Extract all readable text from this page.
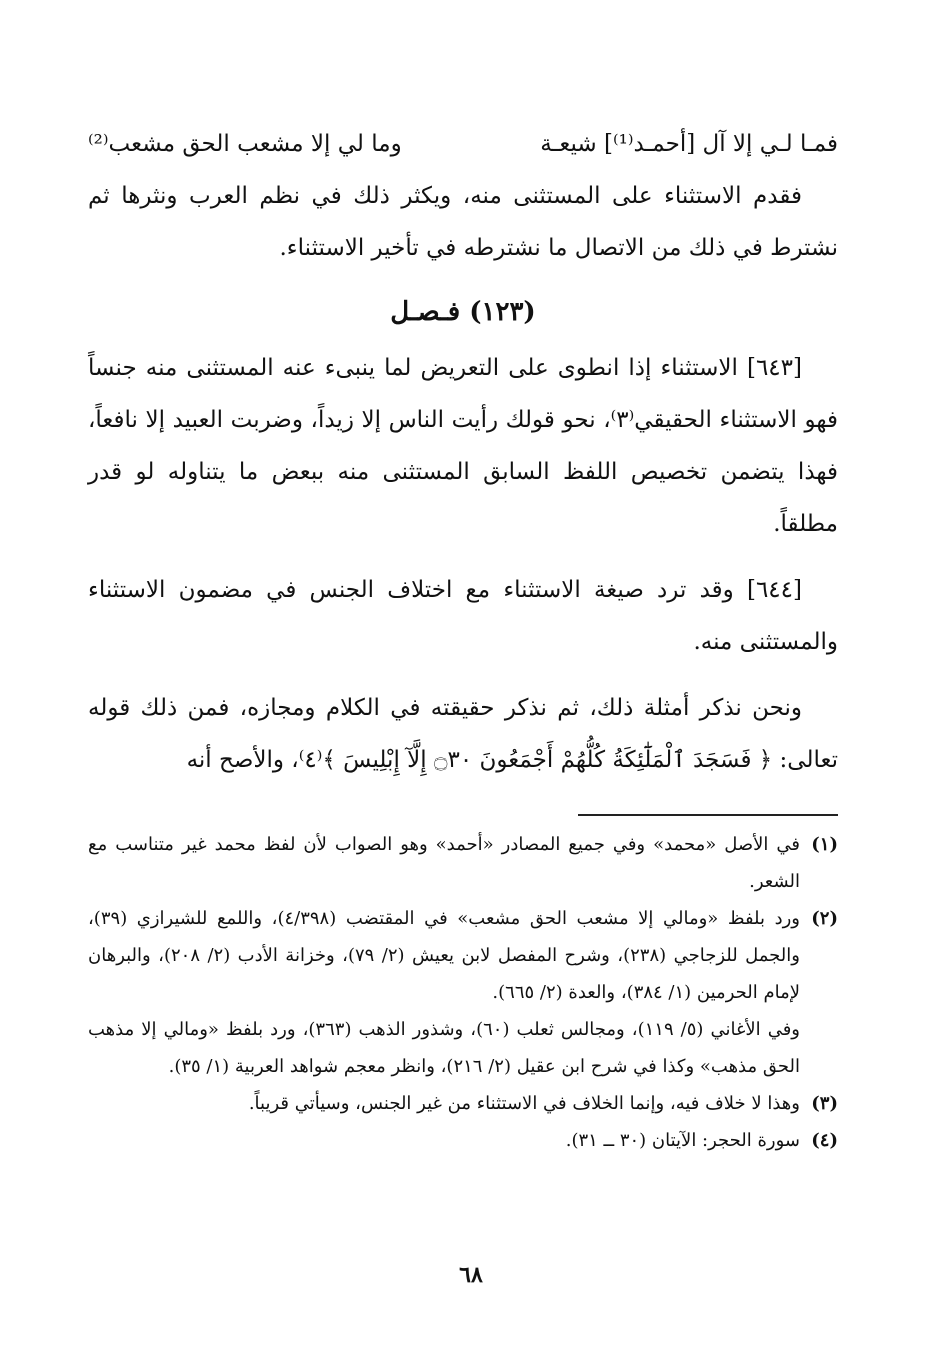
فمـا لـي إلا آل [أحمـد⁽¹⁾] شيعـة
وما لي إلا مشعب الحق مشعب⁽²⁾

فقدم الاستثناء على المستثنى منه، ويكثر ذلك في نظم العرب ونثرها ثم نشترط في ذلك من الاتصال ما نشترطه في تأخير الاستثناء.

(١٢٣) فـصـل

[٦٤٣] الاستثناء إذا انطوى على التعريض لما ينبىء عنه المستثنى منه جنساً فهو الاستثناء الحقيقي⁽٣⁾، نحو قولك رأيت الناس إلا زيداً، وضربت العبيد إلا نافعاً، فهذا يتضمن تخصيص اللفظ السابق المستثنى منه ببعض ما يتناوله لو قدر مطلقاً.

[٦٤٤] وقد ترد صيغة الاستثناء مع اختلاف الجنس في مضمون الاستثناء والمستثنى منه.

ونحن نذكر أمثلة ذلك، ثم نذكر حقيقته في الكلام ومجازه، فمن ذلك قوله تعالى: ﴿ فَسَجَدَ ٱلْمَلَٰٓئِكَةُ كُلُّهُمْ أَجْمَعُونَ ۝٣٠ إِلَّآ إِبْلِيسَ ﴾⁽٤⁾، والأصح أنه

(١)
في الأصل «محمد» وفي جميع المصادر «أحمد» وهو الصواب لأن لفظ محمد غير متناسب مع الشعر.
(٢)
ورد بلفظ «ومالي إلا مشعب الحق مشعب» في المقتضب (٤/٣٩٨)، واللمع للشيرازي (٣٩)، والجمل للزجاجي (٢٣٨)، وشرح المفصل لابن يعيش (٢/ ٧٩)، وخزانة الأدب (٢/ ٢٠٨)، والبرهان لإمام الحرمين (١/ ٣٨٤)، والعدة (٢/ ٦٦٥).
وفي الأغاني (٥/ ١١٩)، ومجالس ثعلب (٦٠)، وشذور الذهب (٣٦٣)، ورد بلفظ «ومالي إلا مذهب الحق مذهب» وكذا في شرح ابن عقيل (٢/ ٢١٦)، وانظر معجم شواهد العربية (١/ ٣٥).
(٣)
وهذا لا خلاف فيه، وإنما الخلاف في الاستثناء من غير الجنس، وسيأتي قريباً.
(٤)
سورة الحجر: الآيتان (٣٠ ــ ٣١).
٦٨
